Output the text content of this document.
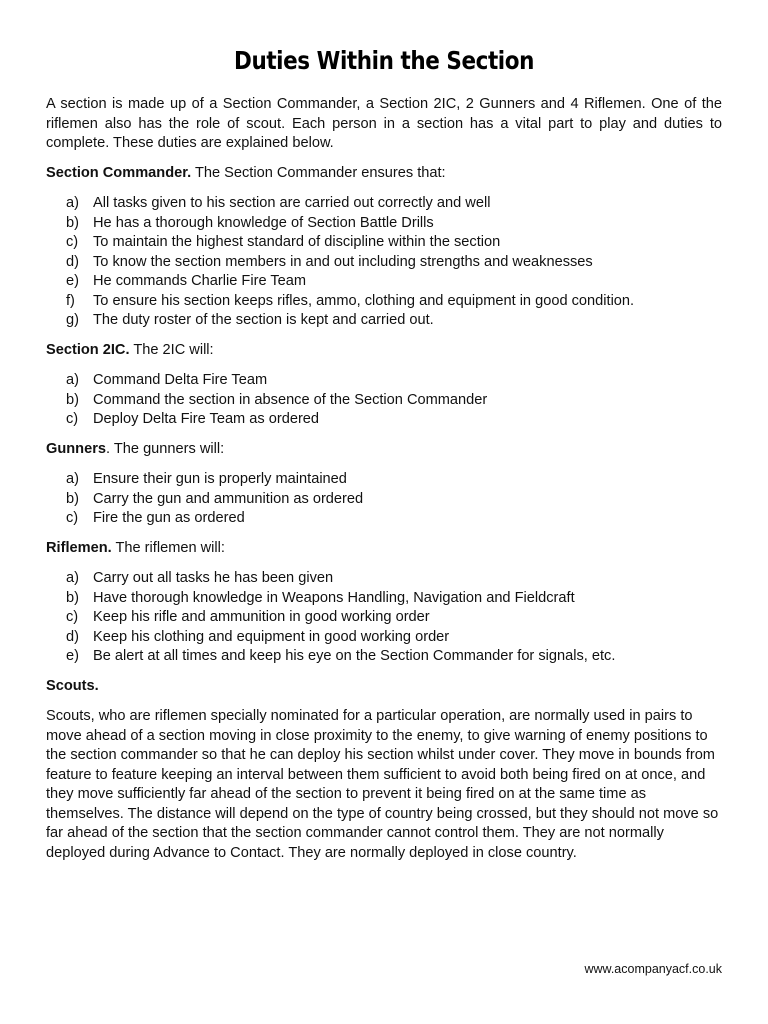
Duties Within the Section

A section is made up of a Section Commander, a Section 2IC, 2 Gunners and 4 Riflemen. One of the riflemen also has the role of scout. Each person in a section has a vital part to play and duties to complete. These duties are explained below.

Section Commander. The Section Commander ensures that:

a) All tasks given to his section are carried out correctly and well
b) He has a thorough knowledge of Section Battle Drills
c)	To maintain the highest standard of discipline within the section
d) To know the section members in and out including strengths and weaknesses
e) He commands Charlie Fire Team
f)	To ensure his section keeps rifles, ammo, clothing and equipment in good condition.
g) The duty roster of the section is kept and carried out.

Section 2IC. The 2IC will:

a) Command Delta Fire Team
b) Command the section in absence of the Section Commander
c)	Deploy Delta Fire Team as ordered

Gunners. The gunners will:

a) Ensure their gun is properly maintained
b) Carry the gun and ammunition as ordered
c)	Fire the gun as ordered

Riflemen. The riflemen will:

a) Carry out all tasks he has been given
b) Have thorough knowledge in Weapons Handling, Navigation and Fieldcraft
c)	Keep his rifle and ammunition in good working order
d) Keep his clothing and equipment in good working order
e) Be alert at all times and keep his eye on the Section Commander for signals, etc.

Scouts.

Scouts, who are riflemen specially nominated for a particular operation, are normally used in pairs to move ahead of a section moving in close proximity to the enemy, to give warning of enemy positions to the section commander so that he can deploy his section whilst under cover. They move in bounds from feature to feature keeping an interval between them sufficient to avoid both being fired on at once, and they move sufficiently far ahead of the section to prevent it being fired on at the same time as themselves. The distance will depend on the type of country being crossed, but they should not move so far ahead of the section that the section commander cannot control them. They are not normally deployed during Advance to Contact. They are normally deployed in close country.

www.acompanyacf.co.uk
